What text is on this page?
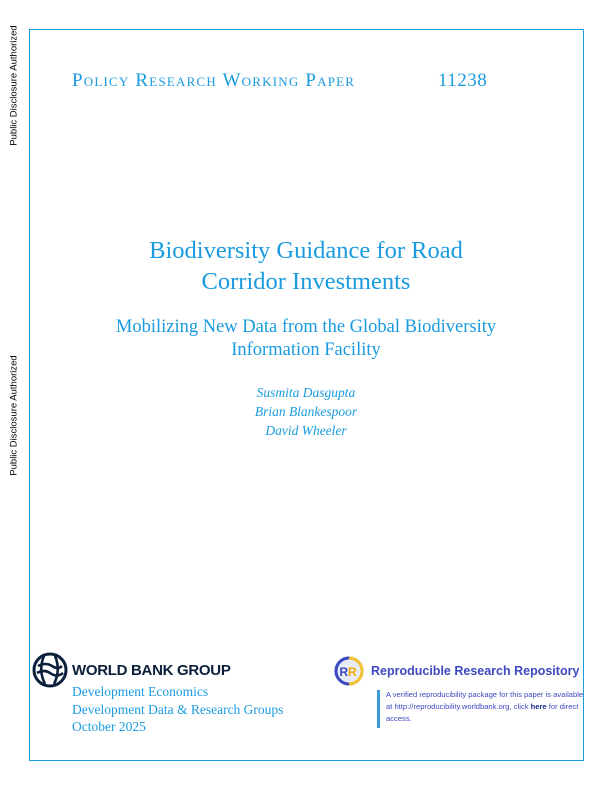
Public Disclosure Authorized
Public Disclosure Authorized
Policy Research Working Paper	11238
Biodiversity Guidance for Road
Corridor Investments
Mobilizing New Data from the Global Biodiversity
Information Facility
Susmita Dasgupta
Brian Blankespoor
David Wheeler
WORLD BANK GROUP
Development Economics
Development Data & Research Groups
October 2025
R R Reproducible Research Repository
A verified reproducibility package for this paper is available at http://reproducibility.worldbank.org, click here for direct access.
